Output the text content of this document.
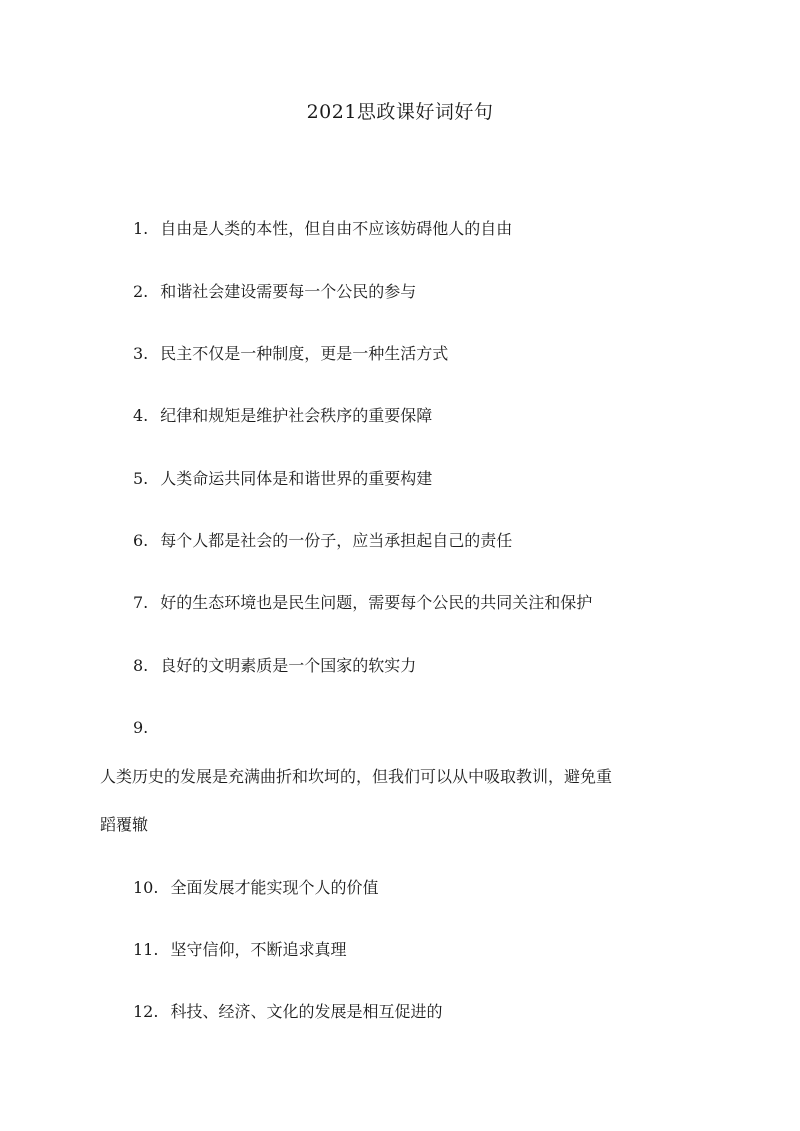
2021思政课好词好句
1. 自由是人类的本性，但自由不应该妨碍他人的自由
2. 和谐社会建设需要每一个公民的参与
3. 民主不仅是一种制度，更是一种生活方式
4. 纪律和规矩是维护社会秩序的重要保障
5. 人类命运共同体是和谐世界的重要构建
6. 每个人都是社会的一份子，应当承担起自己的责任
7. 好的生态环境也是民生问题，需要每个公民的共同关注和保护
8. 良好的文明素质是一个国家的软实力
9.
人类历史的发展是充满曲折和坎坷的，但我们可以从中吸取教训，避免重
蹈覆辙
10. 全面发展才能实现个人的价值
11. 坚守信仰，不断追求真理
12. 科技、经济、文化的发展是相互促进的
